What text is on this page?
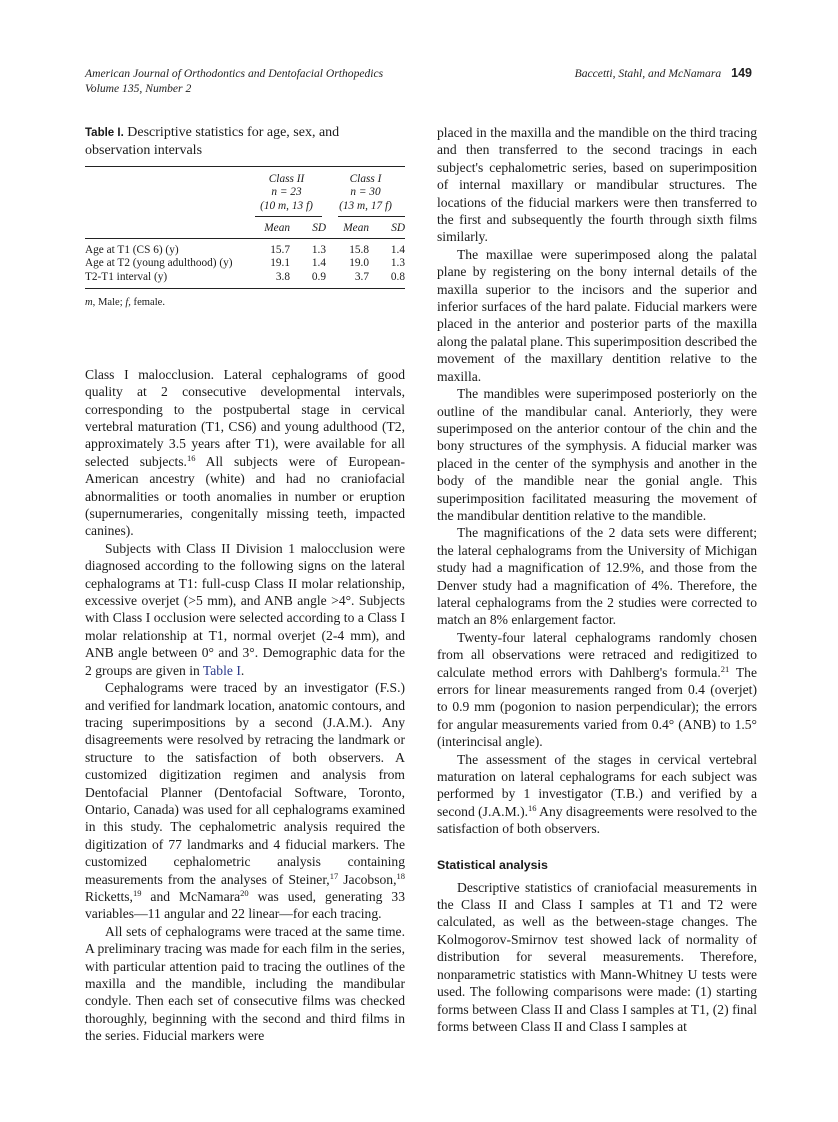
American Journal of Orthodontics and Dentofacial Orthopedics
Volume 135, Number 2
Baccetti, Stahl, and McNamara 149
Table I. Descriptive statistics for age, sex, and observation intervals

	Class II		Class I	
	n = 23		n = 30	
	(10 m, 13 f)		(13 m, 17 f)	

	Mean	SD	Mean	SD

Age at T1 (CS 6) (y)	15.7	1.3	15.8	1.4
Age at T2 (young adulthood) (y)	19.1	1.4	19.0	1.3
T2-T1 interval (y)	3.8	0.9	3.7	0.8
m, Male; f, female.

Class I malocclusion. Lateral cephalograms of good quality at 2 consecutive developmental intervals, corresponding to the postpubertal stage in cervical vertebral maturation (T1, CS6) and young adulthood (T2, approximately 3.5 years after T1), were available for all selected subjects.$^{16}$ All subjects were of European-American ancestry (white) and had no craniofacial abnormalities or tooth anomalies in number or eruption (supernumeraries, congenitally missing teeth, impacted canines).

Subjects with Class II Division 1 malocclusion were diagnosed according to the following signs on the lateral cephalograms at T1: full-cusp Class II molar relationship, excessive overjet (>5 mm), and ANB angle >4°. Subjects with Class I occlusion were selected according to a Class I molar relationship at T1, normal overjet (2-4 mm), and ANB angle between 0° and 3°. Demographic data for the 2 groups are given in Table I.

Cephalograms were traced by an investigator (F.S.) and verified for landmark location, anatomic contours, and tracing superimpositions by a second (J.A.M.). Any disagreements were resolved by retracing the landmark or structure to the satisfaction of both observers. A customized digitization regimen and analysis from Dentofacial Planner (Dentofacial Software, Toronto, Ontario, Canada) was used for all cephalograms examined in this study. The cephalometric analysis required the digitization of 77 landmarks and 4 fiducial markers. The customized cephalometric analysis containing measurements from the analyses of Steiner,$^{17}$ Jacobson,$^{18}$ Ricketts,$^{19}$ and McNamara$^{20}$ was used, generating 33 variables—11 angular and 22 linear—for each tracing.

All sets of cephalograms were traced at the same time. A preliminary tracing was made for each film in the series, with particular attention paid to tracing the outlines of the maxilla and the mandible, including the mandibular condyle. Then each set of consecutive films was checked thoroughly, beginning with the second and third films in the series. Fiducial markers were

placed in the maxilla and the mandible on the third tracing and then transferred to the second tracings in each subject's cephalometric series, based on superimposition of internal maxillary or mandibular structures. The locations of the fiducial markers were then transferred to the first and subsequently the fourth through sixth films similarly.

The maxillae were superimposed along the palatal plane by registering on the bony internal details of the maxilla superior to the incisors and the superior and inferior surfaces of the hard palate. Fiducial markers were placed in the anterior and posterior parts of the maxilla along the palatal plane. This superimposition described the movement of the maxillary dentition relative to the maxilla.

The mandibles were superimposed posteriorly on the outline of the mandibular canal. Anteriorly, they were superimposed on the anterior contour of the chin and the bony structures of the symphysis. A fiducial marker was placed in the center of the symphysis and another in the body of the mandible near the gonial angle. This superimposition facilitated measuring the movement of the mandibular dentition relative to the mandible.

The magnifications of the 2 data sets were different; the lateral cephalograms from the University of Michigan study had a magnification of 12.9%, and those from the Denver study had a magnification of 4%. Therefore, the lateral cephalograms from the 2 studies were corrected to match an 8% enlargement factor.

Twenty-four lateral cephalograms randomly chosen from all observations were retraced and redigitized to calculate method errors with Dahlberg's formula.$^{21}$ The errors for linear measurements ranged from 0.4 (overjet) to 0.9 mm (pogonion to nasion perpendicular); the errors for angular measurements varied from 0.4° (ANB) to 1.5° (interincisal angle).

The assessment of the stages in cervical vertebral maturation on lateral cephalograms for each subject was performed by 1 investigator (T.B.) and verified by a second (J.A.M.).$^{16}$ Any disagreements were resolved to the satisfaction of both observers.

Statistical analysis

Descriptive statistics of craniofacial measurements in the Class II and Class I samples at T1 and T2 were calculated, as well as the between-stage changes. The Kolmogorov-Smirnov test showed lack of normality of distribution for several measurements. Therefore, nonparametric statistics with Mann-Whitney U tests were used. The following comparisons were made: (1) starting forms between Class II and Class I samples at T1, (2) final forms between Class II and Class I samples at
